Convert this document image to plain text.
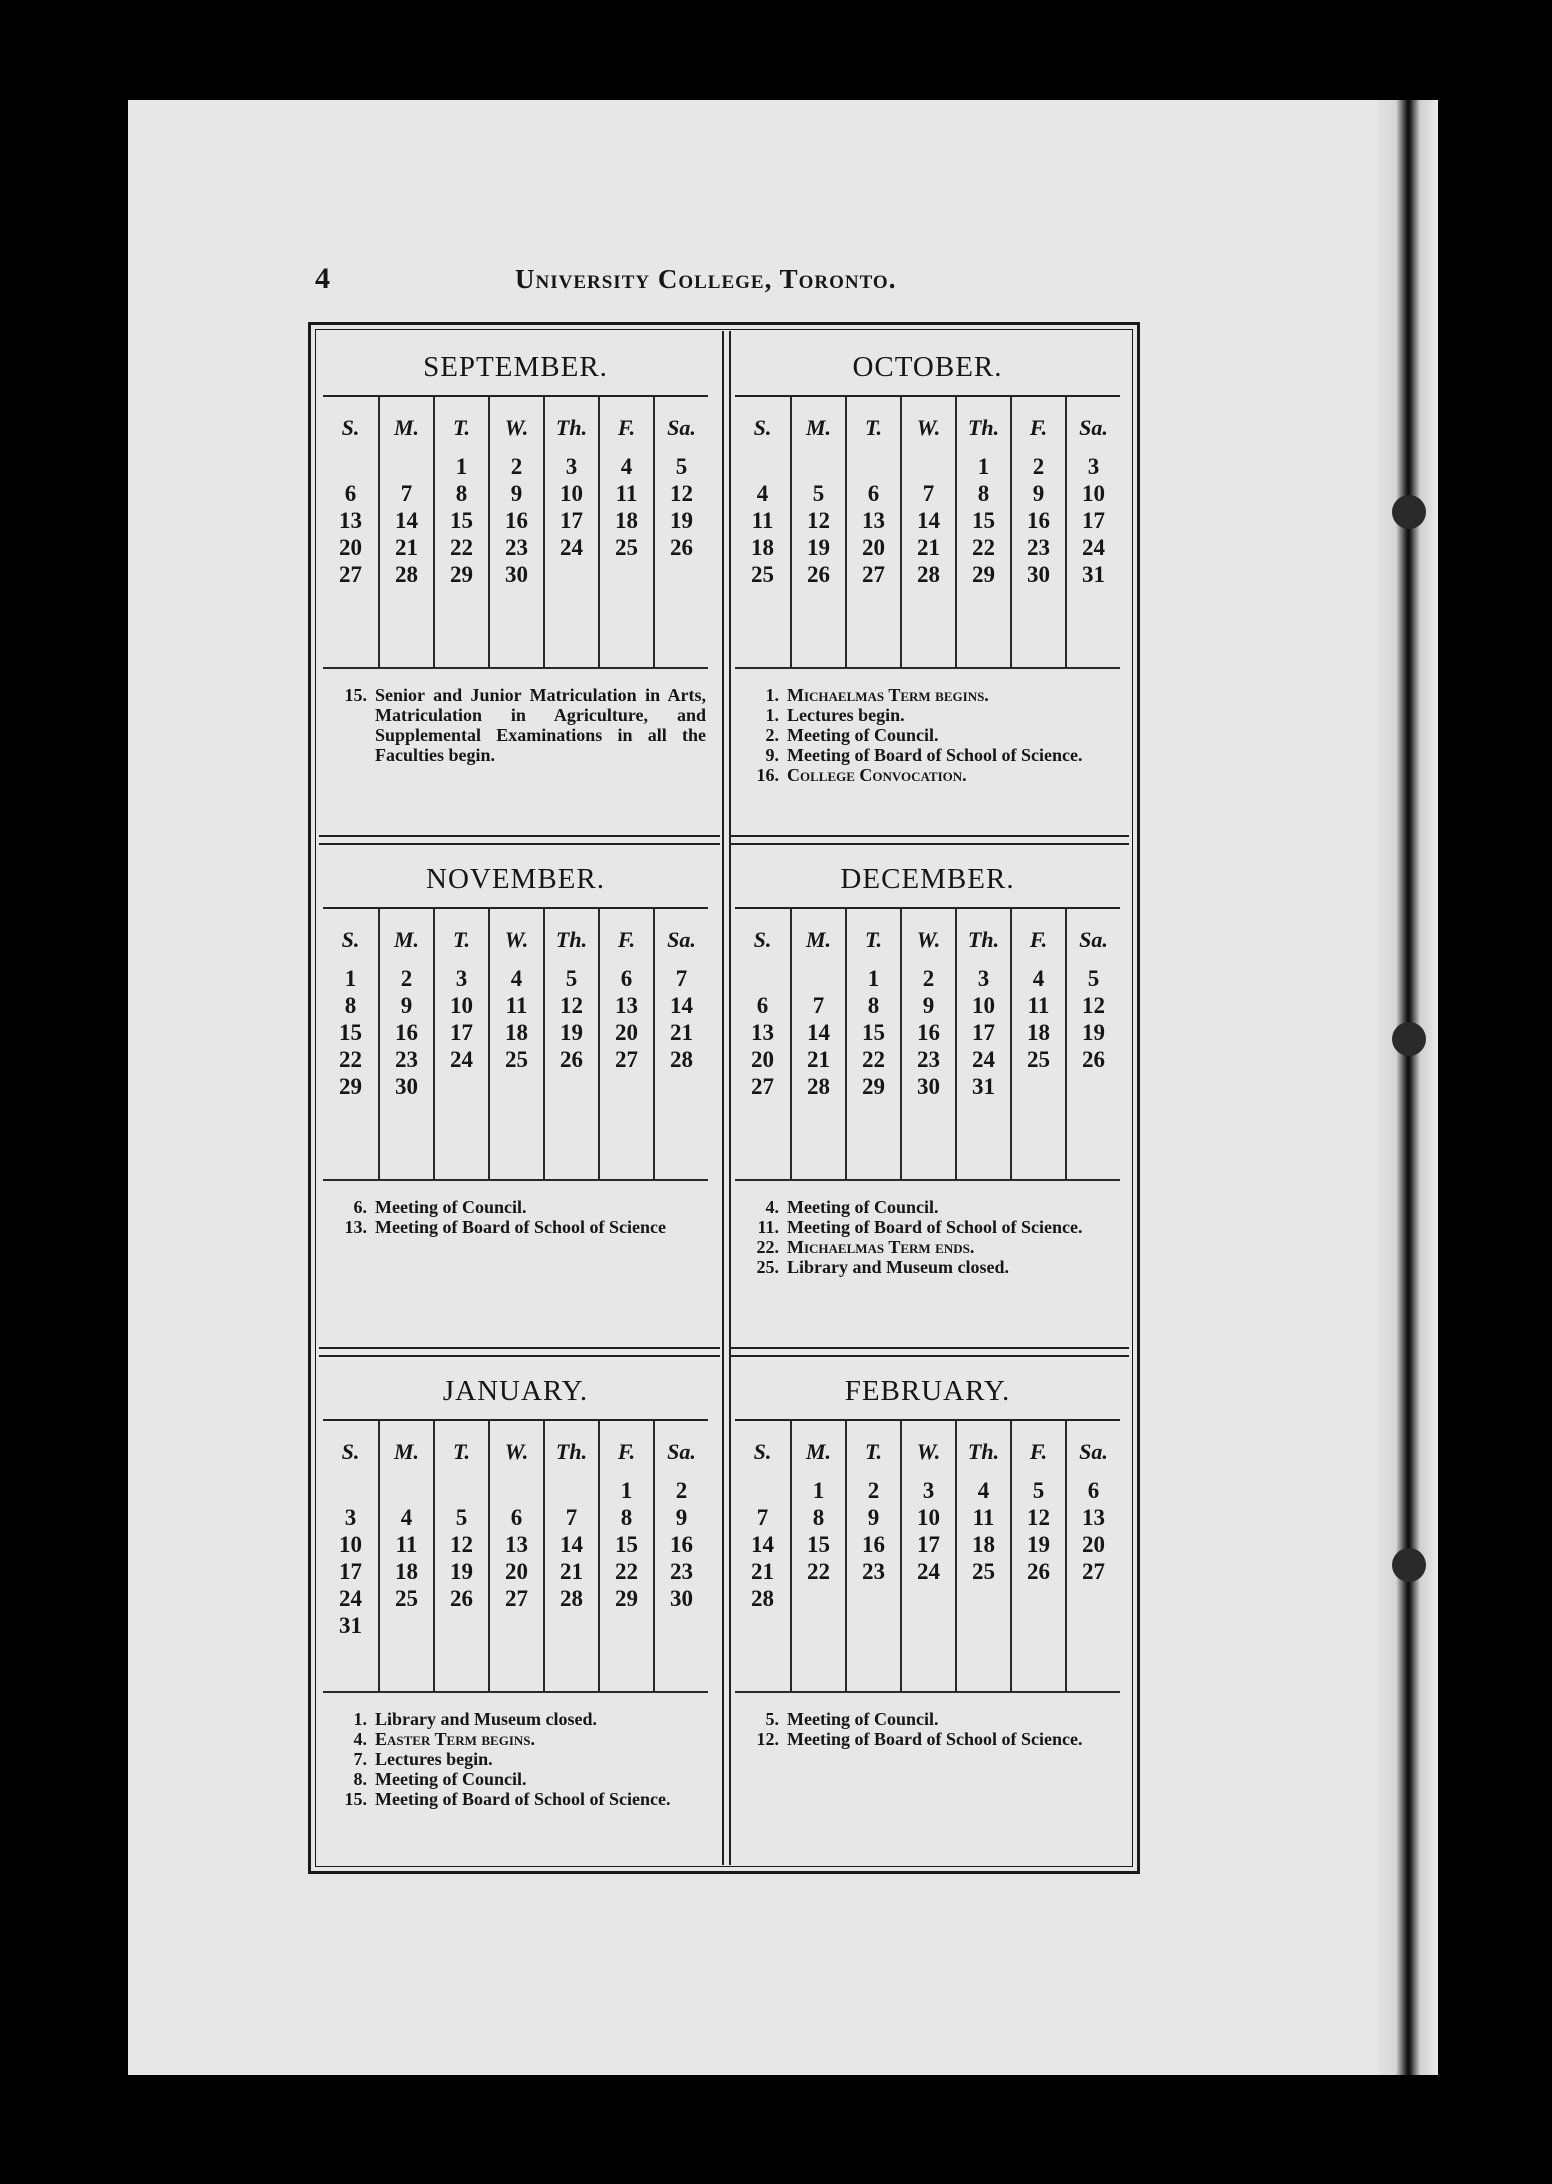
4	University College, Toronto.
SEPTEMBER.
S.
6
13
20
27
M.
7
14
21
28
T.
1
8
15
22
29
W.
2
9
16
23
30
Th.
3
10
17
24
F.
4
11
18
25
Sa.
5
12
19
26
15. Senior and Junior Matriculation in Arts, Matriculation in Agriculture, and Supplemental Examinations in all the Faculties begin.
OCTOBER.
S.
4
11
18
25
M.
5
12
19
26
T.
6
13
20
27
W.
7
14
21
28
Th.
1
8
15
22
29
F.
2
9
16
23
30
Sa.
3
10
17
24
31
1. Michaelmas Term begins.
1. Lectures begin.
2. Meeting of Council.
9. Meeting of Board of School of Science.
16. College Convocation.
NOVEMBER.
S.
1
8
15
22
29
M.
2
9
16
23
30
T.
3
10
17
24
W.
4
11
18
25
Th.
5
12
19
26
F.
6
13
20
27
Sa.
7
14
21
28
6. Meeting of Council.
13. Meeting of Board of School of Science
DECEMBER.
S.
6
13
20
27
M.
7
14
21
28
T.
1
8
15
22
29
W.
2
9
16
23
30
Th.
3
10
17
24
31
F.
4
11
18
25
Sa.
5
12
19
26
4. Meeting of Council.
11. Meeting of Board of School of Science.
22. Michaelmas Term ends.
25. Library and Museum closed.
JANUARY.
S.
3
10
17
24
31
M.
4
11
18
25
T.
5
12
19
26
W.
6
13
20
27
Th.
7
14
21
28
F.
1
8
15
22
29
Sa.
2
9
16
23
30
1. Library and Museum closed.
4. Easter Term begins.
7. Lectures begin.
8. Meeting of Council.
15. Meeting of Board of School of Science.
FEBRUARY.
S.
7
14
21
28
M.
1
8
15
22
T.
2
9
16
23
W.
3
10
17
24
Th.
4
11
18
25
F.
5
12
19
26
Sa.
6
13
20
27
5. Meeting of Council.
12. Meeting of Board of School of Science.
